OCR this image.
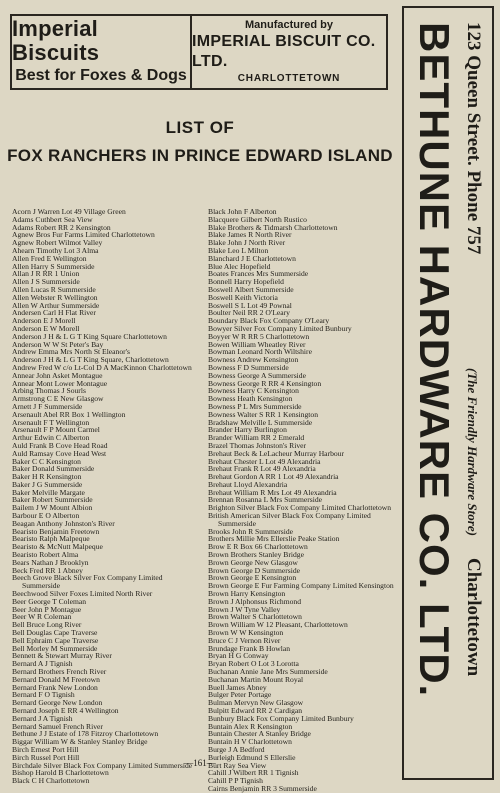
Imperial Biscuits
Best for Foxes & Dogs
Manufactured by
IMPERIAL BISCUIT CO. LTD.
CHARLOTTETOWN
LIST OF
FOX RANCHERS IN PRINCE EDWARD ISLAND
Acorn J Warren Lot 49 Village Green
Adams Cuthbert Sea View
Adams Robert RR 2 Kensington
Agnew Bros Fur Farms Limited Charlottetown
Agnew Robert Wilmot Valley
Ahearn Timothy Lot 3 Alma
Allen Fred E Wellington
Allen Harry S Summerside
Allan J R RR 1 Union
Allen J S Summerside
Allen Lucas R Summerside
Allen Webster R Wellington
Allen W Arthur Summerside
Andersen Carl H Flat River
Anderson E J Morell
Anderson E W Morell
Anderson J H & L G T King Square Charlottetown
Anderson W W St Peter's Bay
Andrew Emma Mrs North St Eleanor's
Anderson J H & L G T King Square, Charlottetown
Andrew Fred W c/o Lt-Col D A MacKinnon Charlottetown
Annear John Asket Montague
Annear Mont Lower Montague
Arbing Thomas J Sourls
Armstrong C E New Glasgow
Arnett J F Summerside
Arsenault Abel RR Box 1 Wellington
Arsenault F T Wellington
Arsenault F P Mount Carmel
Arthur Edwin C Alberton
Auld Frank B Cove Head Road
Auld Ramsay Cove Head West
Baker C C Kensington
Baker Donald Summerside
Baker H R Kensington
Baker J G Summerside
Baker Melville Margate
Baker Robert Summerside
Bailem J W Mount Albion
Barbour E O Alberton
Beagan Anthony Johnston's River
Bearisto Benjamin Freetown
Bearisto Ralph Malpeque
Bearisto & McNutt Malpeque
Bearisto Robert Alma
Bears Nathan J Brooklyn
Beck Fred RR 1 Abney
Beech Grove Black Silver Fox Company Limited Summerside
Beechwood Silver Foxes Limited North River
Beer George T Coleman
Beer John P Montague
Beer W R Coleman
Bell Bruce Long River
Bell Douglas Cape Traverse
Bell Ephraim Cape Traverse
Bell Morley M Summerside
Bennett & Stewart Murray River
Bernard A J Tignish
Bernard Brothers French River
Bernard Donald M Freetown
Bernard Frank New London
Bernard F O Tignish
Bernard George New London
Bernard Joseph E RR 4 Wellington
Bernard J A Tignish
Bernard Samuel French River
Bethune J J Estate of 178 Fitzroy Charlottetown
Biggar William W & Stanley Stanley Bridge
Birch Ernest Port Hill
Birch Russel Port Hill
Birchdale Silver Black Fox Company Limited Summerside
Bishop Harold B Charlottetown
Black C H Charlottetown
Black John F Alberton
Blacquere Gilbert North Rustico
Blake Brothers & Tidmarsh Charlottetown
Blake James R North River
Blake John J North River
Blake Leo L Milton
Blanchard J E Charlottetown
Blue Alec Hopefield
Boates Frances Mrs Summerside
Bonnell Harry Hopefield
Boswell Albert Summerside
Boswell Keith Victoria
Boswell S L Lot 49 Pownal
Boulter Neil RR 2 O'Leary
Boundary Black Fox Company O'Leary
Bowyer Silver Fox Company Limited Bunbury
Boyyer W R RR 5 Charlottetown
Bowen William Wheatley River
Bowman Leonard North Wiltshire
Bowness Andrew Kensington
Bowness F D Summerside
Bowness George A Summerside
Bowness George R RR 4 Kensington
Bowness Harry C Kensington
Bowness Heath Kensington
Bowness P L Mrs Summerside
Bowness Walter S RR 1 Kensington
Bradshaw Melville L Summerside
Brander Harry Burlington
Brander William RR 2 Emerald
Brazel Thomas Johnston's River
Brehaut Beck & LeLacheur Murray Harbour
Brehaut Chester L Lot 49 Alexandria
Brehaut Frank R Lot 49 Alexandria
Brehaut Gordon A RR 1 Lot 49 Alexandria
Brehaut Lloyd Alexandria
Brehaut William R Mrs Lot 49 Alexandria
Brennan Rosanna L Mrs Summerside
Brighton Silver Black Fox Company Limited Charlottetown
British American Silver Black Fox Company Limited Summerside
Brooks John R Summerside
Brothers Millie Mrs Ellerslie Peake Station
Brow E R Box 66 Charlottetown
Brown Brothers Stanley Bridge
Brown George New Glasgow
Brown George D Summerside
Brown George E Kensington
Brown George E Fur Farming Company Limited Kensington
Brown Harry Kensington
Brown J Alphonsus Richmond
Brown J W Tyne Valley
Brown Walter S Charlottetown
Brown William W 12 Pleasant, Charlottetown
Brown W W Kensington
Bruce C J Vernon River
Brundage Frank B Howlan
Bryan H G Conway
Bryan Robert O Lot 3 Lorotta
Buchanan Annie Jane Mrs Summerside
Buchanan Martin Mount Royal
Buell James Abney
Bulger Peter Portage
Bulman Mervyn New Glasgow
Bulpitt Edward RR 2 Cardigan
Bunbury Black Fox Company Limited Bunbury
Buntain Alex R Kensington
Buntain Chester A Stanley Bridge
Buntain H V Charlottetown
Burge J A Bedford
Burleigh Edmund S Ellerslie
Burt Ray Sea View
Cahill J Wilbert RR 1 Tignish
Cahill P P Tignish
Cairns Benjamin RR 3 Summerside
—161—
BETHUNE HARDWARE CO. LTD. 123 Queen Street. Phone 757
(The Friendly Hardware Store)
Charlottetown
